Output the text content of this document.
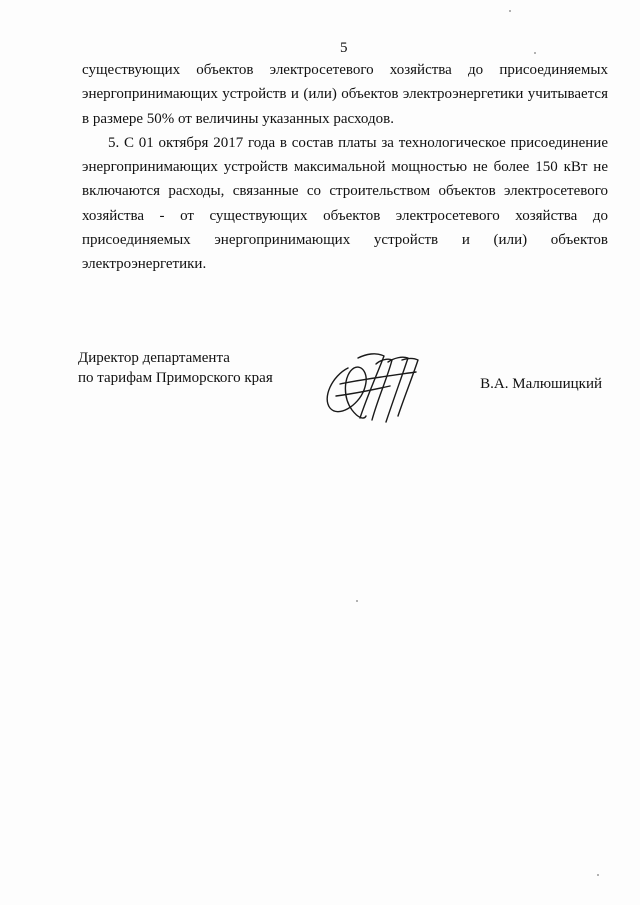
5

существующих объектов электросетевого хозяйства до присоединяемых энергопринимающих устройств и (или) объектов электроэнергетики учитывается в размере 50% от величины указанных расходов.

5. С 01 октября 2017 года в состав платы за технологическое присоединение энергопринимающих устройств максимальной мощностью не более 150 кВт не включаются расходы, связанные со строительством объектов электросетевого хозяйства - от существующих объектов электросетевого хозяйства до присоединяемых энергопринимающих устройств и (или) объектов электроэнергетики.

Директор департамента
по тарифам Приморского края	В.А. Малюшицкий
